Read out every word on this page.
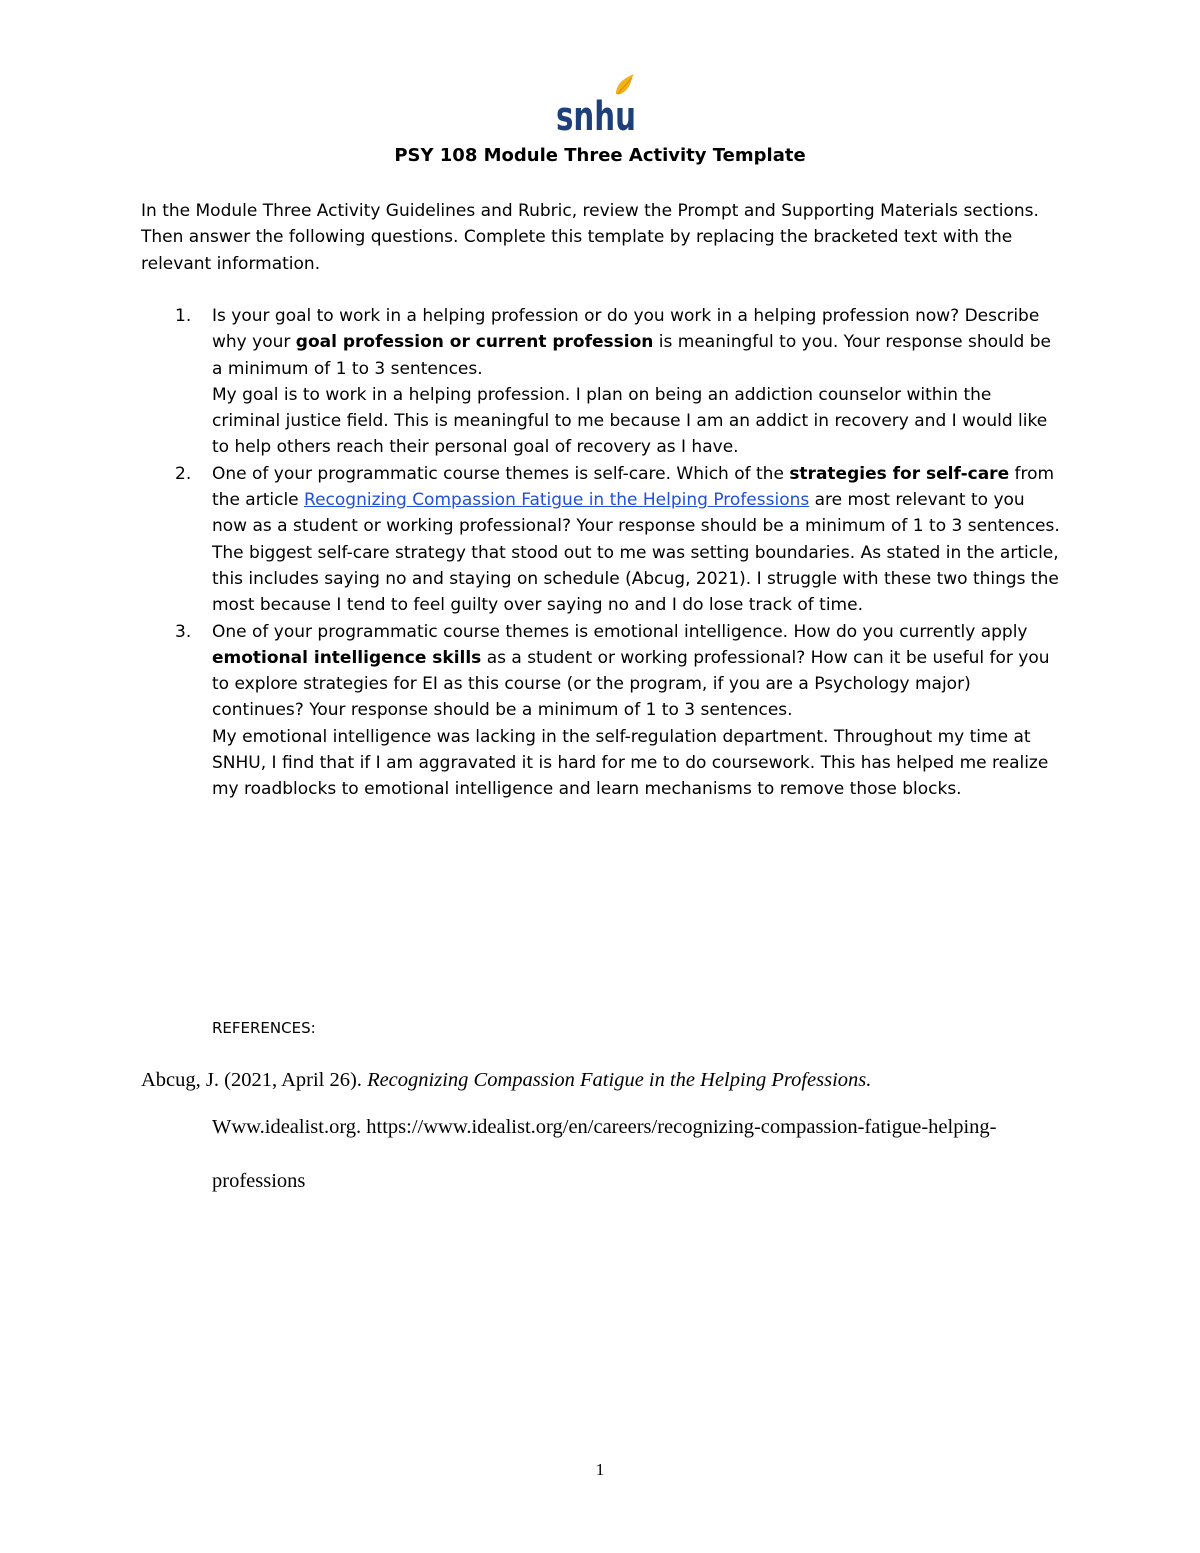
snhu
PSY 108 Module Three Activity Template
In the Module Three Activity Guidelines and Rubric, review the Prompt and Supporting Materials sections. Then answer the following questions. Complete this template by replacing the bracketed text with the relevant information.
1. Is your goal to work in a helping profession or do you work in a helping profession now? Describe why your goal profession or current profession is meaningful to you. Your response should be a minimum of 1 to 3 sentences.
My goal is to work in a helping profession. I plan on being an addiction counselor within the criminal justice field. This is meaningful to me because I am an addict in recovery and I would like to help others reach their personal goal of recovery as I have.
2. One of your programmatic course themes is self-care. Which of the strategies for self-care from the article Recognizing Compassion Fatigue in the Helping Professions are most relevant to you now as a student or working professional? Your response should be a minimum of 1 to 3 sentences.
The biggest self-care strategy that stood out to me was setting boundaries. As stated in the article, this includes saying no and staying on schedule (Abcug, 2021). I struggle with these two things the most because I tend to feel guilty over saying no and I do lose track of time.
3. One of your programmatic course themes is emotional intelligence. How do you currently apply emotional intelligence skills as a student or working professional? How can it be useful for you to explore strategies for EI as this course (or the program, if you are a Psychology major) continues? Your response should be a minimum of 1 to 3 sentences.
My emotional intelligence was lacking in the self-regulation department. Throughout my time at SNHU, I find that if I am aggravated it is hard for me to do coursework. This has helped me realize my roadblocks to emotional intelligence and learn mechanisms to remove those blocks.
REFERENCES:
Abcug, J. (2021, April 26). Recognizing Compassion Fatigue in the Helping Professions.
Www.idealist.org. https://www.idealist.org/en/careers/recognizing-compassion-fatigue-helping-professions
1
